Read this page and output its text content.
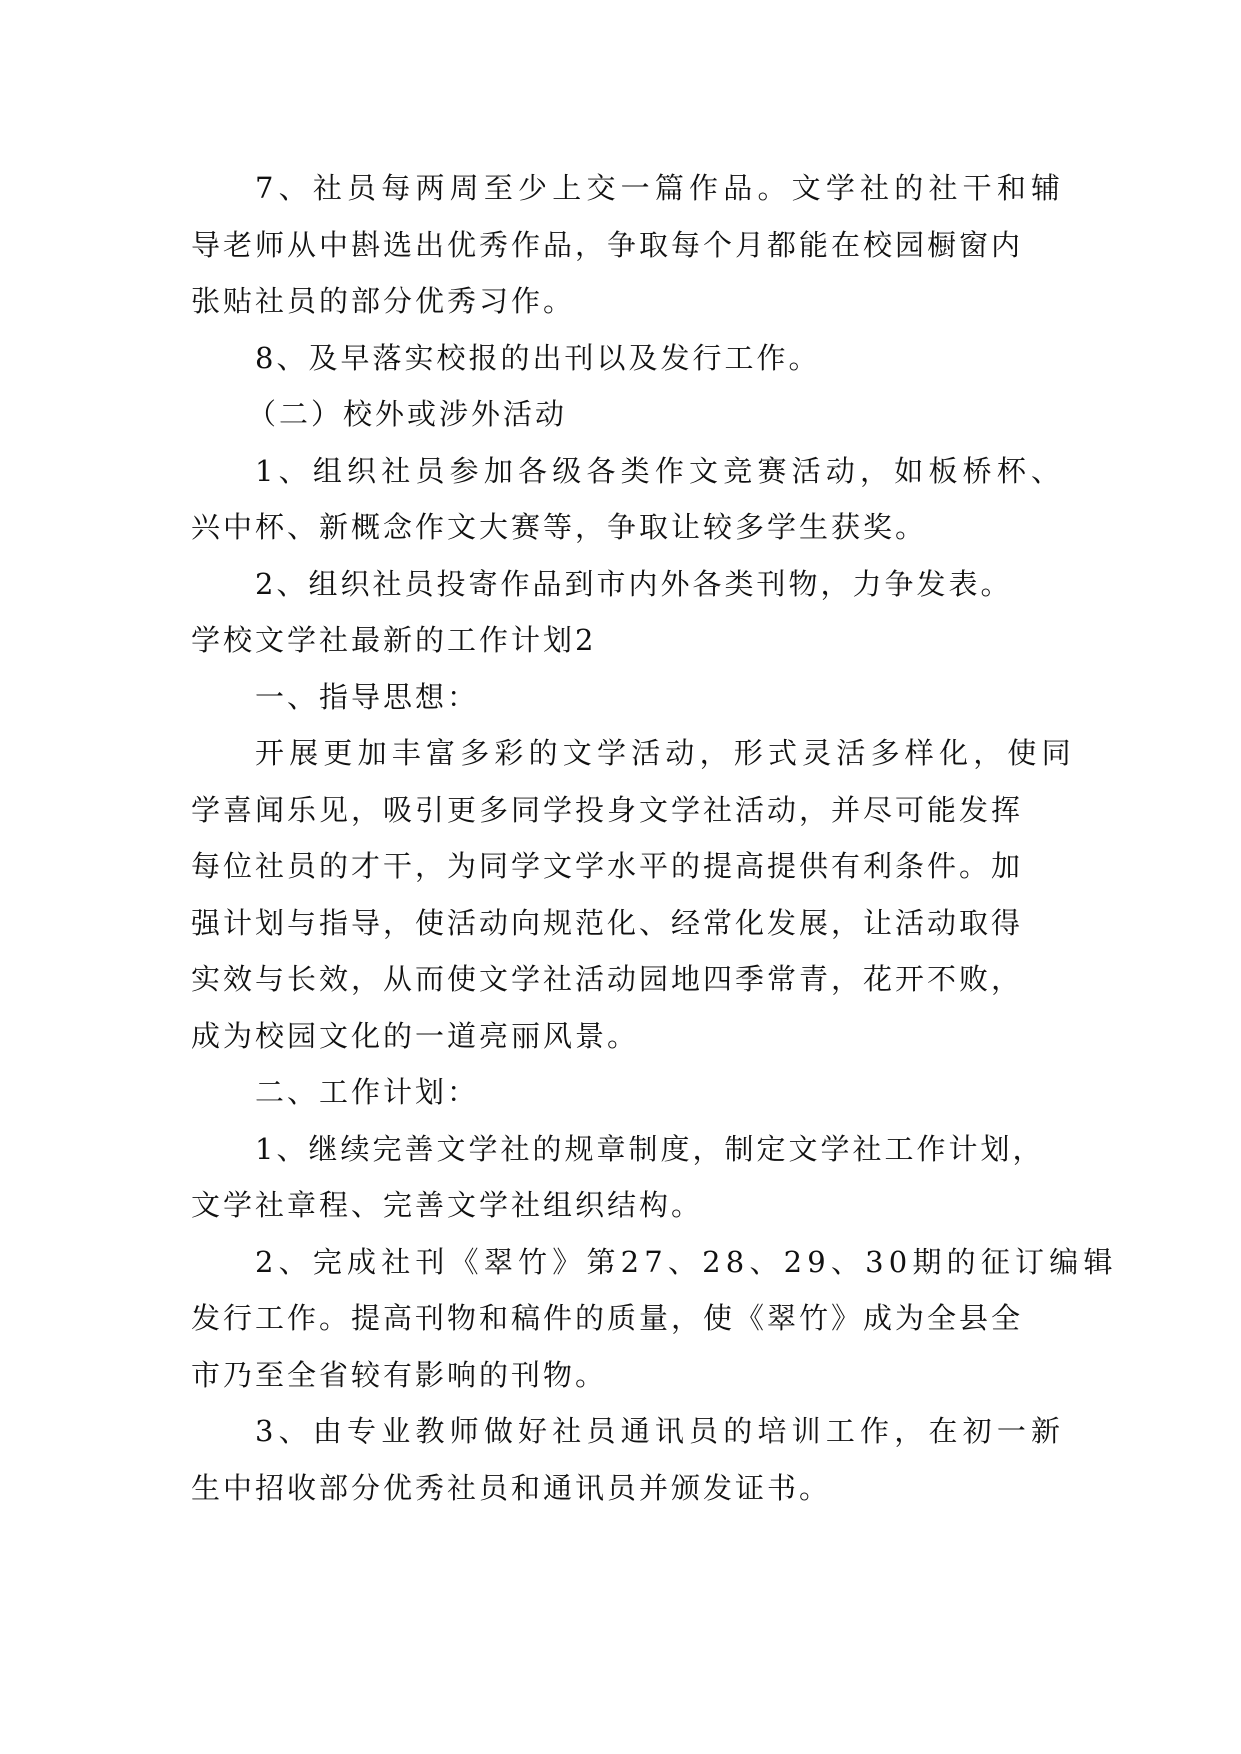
7、社员每两周至少上交一篇作品。文学社的社干和辅
导老师从中斟选出优秀作品，争取每个月都能在校园橱窗内
张贴社员的部分优秀习作。
8、及早落实校报的出刊以及发行工作。
（二）校外或涉外活动
1、组织社员参加各级各类作文竞赛活动，如板桥杯、
兴中杯、新概念作文大赛等，争取让较多学生获奖。
2、组织社员投寄作品到市内外各类刊物，力争发表。
学校文学社最新的工作计划2
一、指导思想：
开展更加丰富多彩的文学活动，形式灵活多样化，使同
学喜闻乐见，吸引更多同学投身文学社活动，并尽可能发挥
每位社员的才干，为同学文学水平的提高提供有利条件。加
强计划与指导，使活动向规范化、经常化发展，让活动取得
实效与长效，从而使文学社活动园地四季常青，花开不败，
成为校园文化的一道亮丽风景。
二、工作计划：
1、继续完善文学社的规章制度，制定文学社工作计划，
文学社章程、完善文学社组织结构。
2、完成社刊《翠竹》第27、28、29、30期的征订编辑
发行工作。提高刊物和稿件的质量，使《翠竹》成为全县全
市乃至全省较有影响的刊物。
3、由专业教师做好社员通讯员的培训工作，在初一新
生中招收部分优秀社员和通讯员并颁发证书。
